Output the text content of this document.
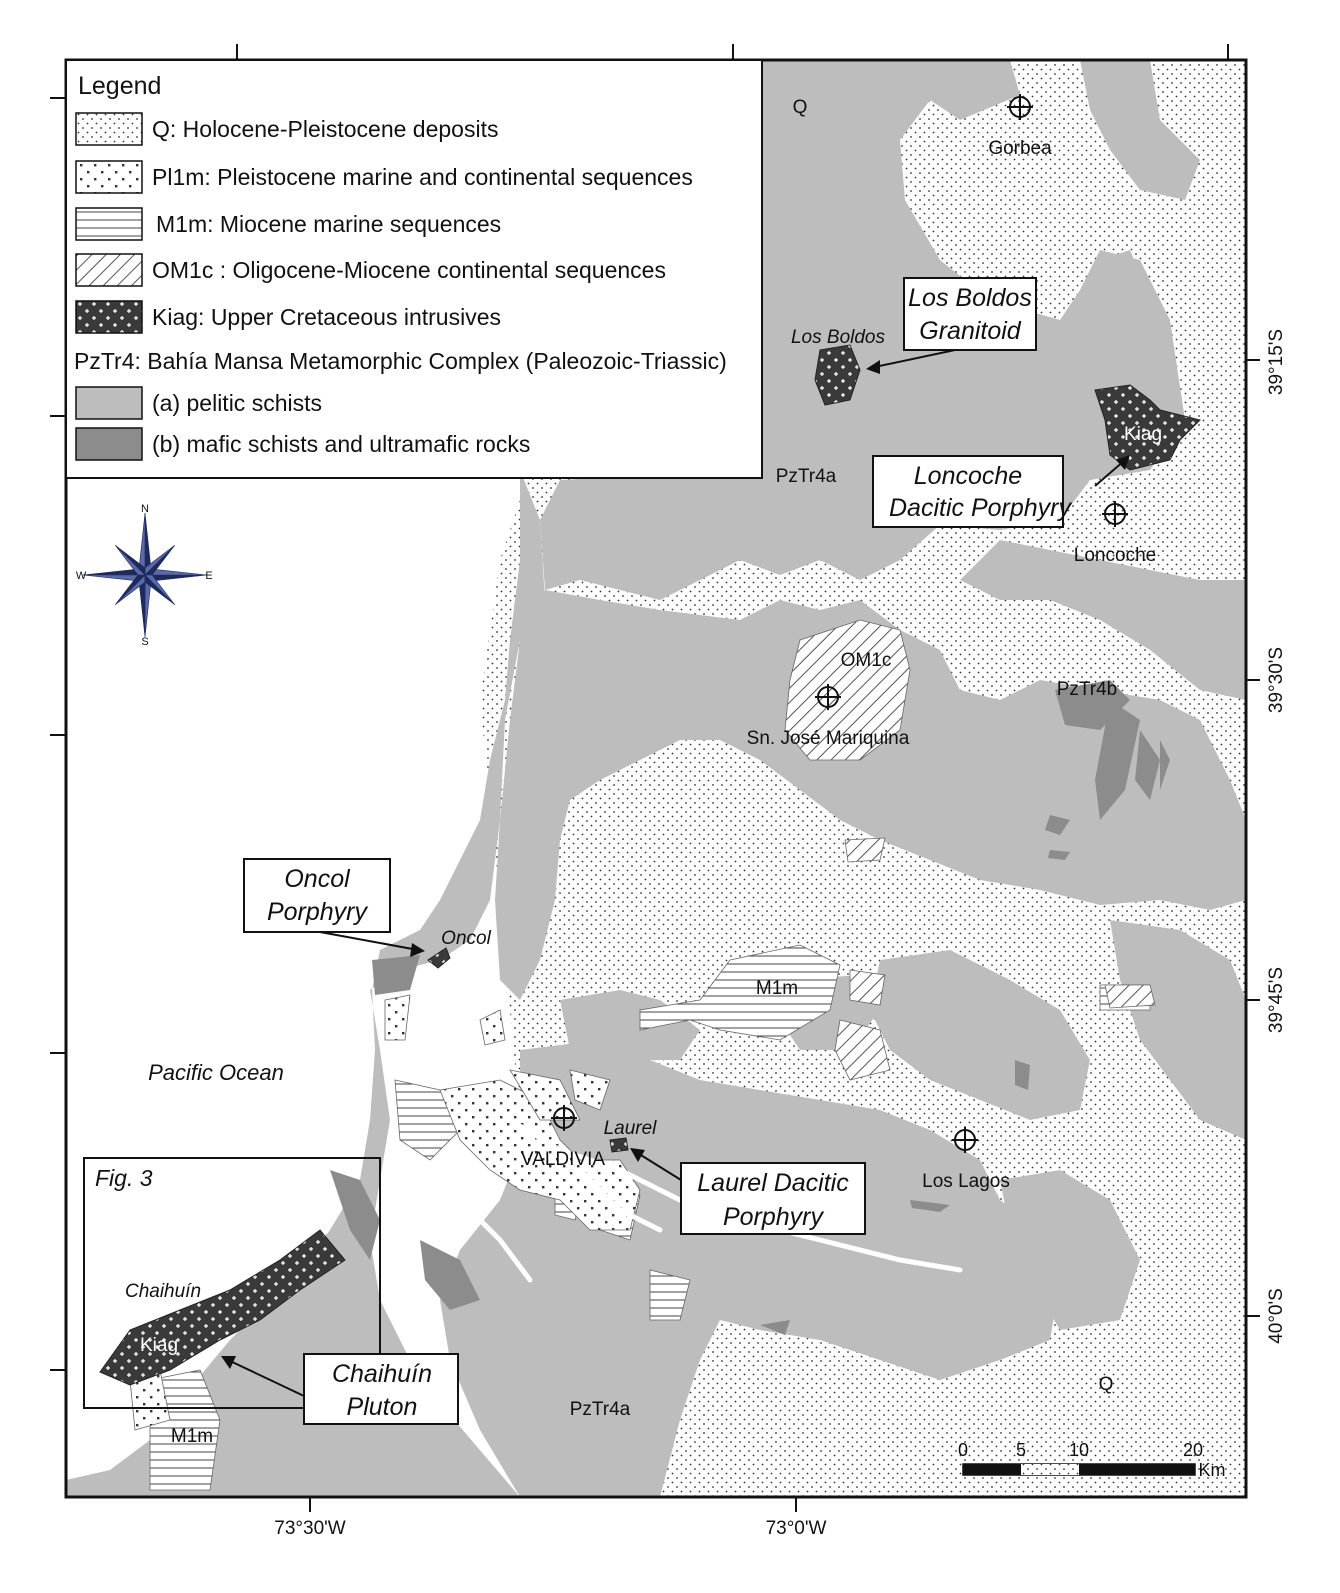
73°30'W	73°0'W
39°15'S
39°30'S
39°45'S
40°0'S
Legend
Q: Holocene-Pleistocene deposits
Pl1m: Pleistocene marine and continental sequences
M1m: Miocene marine sequences
OM1c : Oligocene-Miocene continental sequences
Kiag: Upper Cretaceous intrusives
PzTr4: Bahía Mansa Metamorphic Complex (Paleozoic-Triassic)
(a) pelitic schists
(b) mafic schists and ultramafic rocks
N
S
E
W
Gorbea
Loncoche
Sn. José Mariquina
VALDIVIA
Los Lagos
Q
Q
PzTr4a
PzTr4a
PzTr4b
OM1c
M1m
M1m
Kiag
Kiag
Los Boldos
Oncol
Laurel
Chaihuín
Pacific Ocean
Fig. 3
Los Boldos
Granitoid
Loncoche
Dacitic Porphyry
Oncol
Porphyry
Laurel Dacitic
Porphyry
Chaihuín
Pluton
0	5 10	20
Km
